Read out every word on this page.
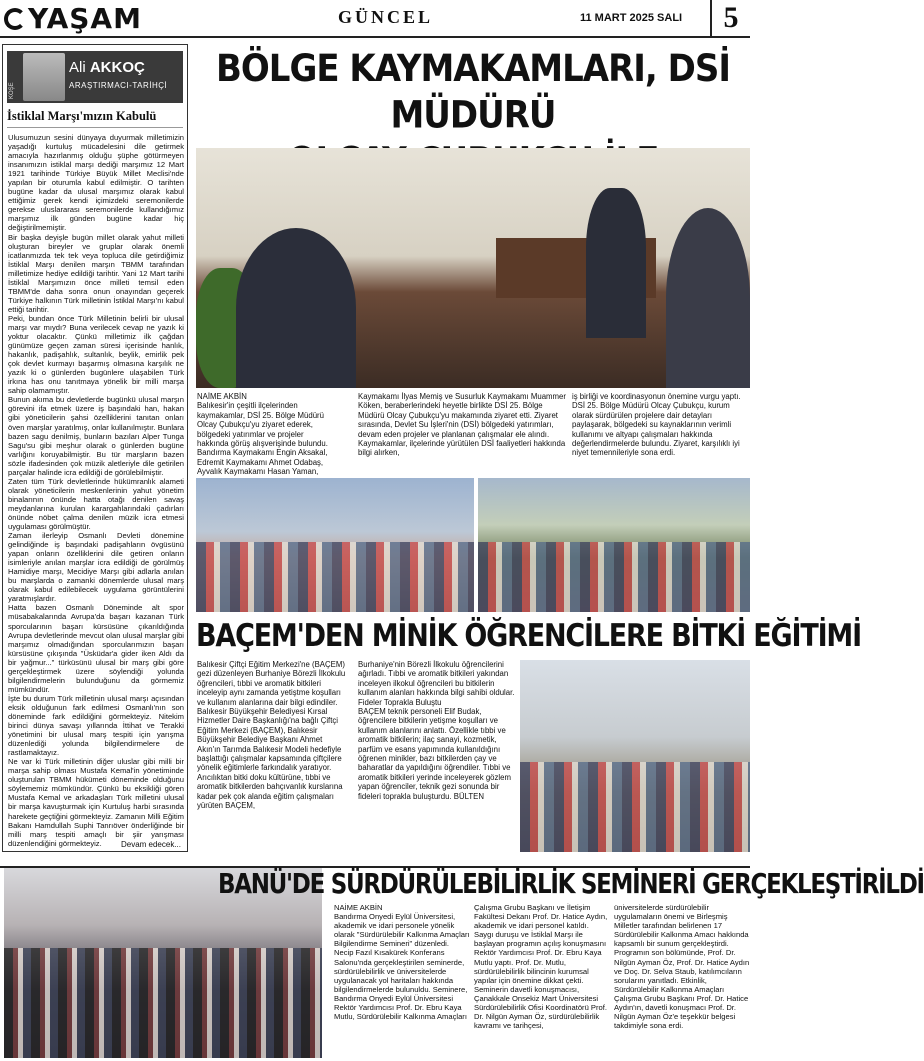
YAŞAM	GÜNCEL	11 MART 2025 SALI	5
KÖŞE
Ali AKKOÇ
ARAŞTIRMACI-TARİHÇİ
İstiklal Marşı'mızın Kabulü
Ulusumuzun sesini dünyaya duyurmak milletimizin yaşadığı kurtuluş mücadelesini dile getirmek amacıyla hazırlanmış olduğu şüphe götürmeyen insanımızın istiklal marşı dediği marşımız 12 Mart 1921 tarihinde Türkiye Büyük Millet Meclisi'nde yapılan bir oturumla kabul edilmiştir. O tarihten bugüne kadar da ulusal marşımız olarak kabul ettiğimiz gerek kendi içimizdeki seremonilerde gerekse uluslararası seremonilerde kullandığımız marşımız ilk günden bugüne kadar hiç değiştirilmemiştir.
Bir başka deyişle bugün millet olarak yahut milleti oluşturan bireyler ve gruplar olarak önemli icatlanmızda tek tek veya topluca dile getirdiğimiz İstiklal Marşı denilen marşın TBMM tarafından milletimize hediye edildiği tarihtir. Yani 12 Mart tarihi İstiklal Marşımızın önce milleti temsil eden TBMM'de daha sonra onun onayından geçerek Türkiye halkının Türk milletinin İstiklal Marşı'nı kabul ettiği tarihtir.
Peki, bundan önce Türk Milletinin belirli bir ulusal marşı var mıydı? Buna verilecek cevap ne yazık ki yoktur olacaktır. Çünkü milletimiz ilk çağdan günümüze geçen zaman süresi içerisinde hanlık, hakanlık, padişahlık, sultanlık, beylik, emirlik pek çok devlet kurmayı başarmış olmasına karşılık ne yazık ki o günlerden bugünlere ulaşabilen Türk irkına has onu tanıtmaya yönelik bir milli marşa sahip olamamıştır.
Bunun akıma bu devletlerde bugünkü ulusal marşın görevini ifa etmek üzere iş başındaki han, hakan gibi yöneticilerin şahsi özelliklerini tanıtan onları öven marşlar yaratılmış, onlar kullanılmıştır. Bunlara bazen sagu denilmiş, bunların bazıları Alper Tunga Sagu'su gibi meşhur olarak o günlerden bugüne varlığını koruyabilmiştir. Bu tür marşların bazen sözle ifadesinden çok müzik aletleriyle dile getirilen parçalar halinde icra edildiği de görülebilmiştir.
Zaten tüm Türk devletlerinde hükümranlık alameti olarak yöneticilerin meskenlerinin yahut yönetim binalarının önünde hatta otağı denilen savaş meydanlarına kurulan karargahlarındaki çadırları önünde nöbet çalma denilen müzik icra etmesi uygulaması görülmüştür.
Zaman ilerleyip Osmanlı Devleti dönemine gelindiğinde iş başındaki padişahların övgüsünü yapan onların özelliklerini dile getiren onların isimleriyle anılan marşlar icra edildiği de görülmüş Hamidiye marşı, Mecidiye Marşı gibi adlarla anılan bu marşlarda o zamanki dönemlerde ulusal marş olarak kabul edilebilecek uygulama görüntülerini yaratmışlardır.
Hatta bazen Osmanlı Döneminde alt spor müsabakalarında Avrupa'da başarı kazanan Türk sporcularının başarı kürsüsüne çıkarıldığında Avrupa devletlerinde mevcut olan ulusal marşlar gibi marşımız olmadığından sporcularımızın başarı kürsüsüne çıkışında "Üsküdar'a gider iken Aldı da bir yağmur..." türküsünü ulusal bir marş gibi göre gerçekleştirmek üzere söylendiği yolunda bilgilendirmelerin bulunduğunu da görmemiz mümkündür.
İşte bu durum Türk milletinin ulusal marşı açısından eksik olduğunun fark edilmesi Osmanlı'nın son döneminde fark edildiğini görmekteyiz. Nitekim birinci dünya savaşı yıllarında İttihat ve Terakki yönetimini bir ulusal marş tespiti için yarışma düzenlediği yolunda bilgilendirmelere de rastlamaktayız.
Ne var ki Türk milletinin diğer uluslar gibi milli bir marşa sahip olması Mustafa Kemal'in yönetiminde oluşturulan TBMM hükümeti döneminde olduğunu söylememiz mümkündür. Çünkü bu eksikliği gören Mustafa Kemal ve arkadaşları Türk milletini ulusal bir marşa kavuşturmak için Kurtuluş harbi sırasında harekete geçtiğini görmekteyiz. Zamanın Milli Eğitim Bakanı Hamdullah Suphi Tanrıöver önderliğinde bir milli marş tespiti amaçlı bir şiir yarışması düzenlendiğini görmekteyiz.	Devam edecek...
BÖLGE KAYMAKAMLARI, DSİ MÜDÜRÜ
NAİME AKBİN
Balıkesir'in çeşitli ilçelerinden kaymakamlar, DSİ 25. Bölge Müdürü Olcay Çubukçu'yu ziyaret ederek, bölgedeki yatırımlar ve projeler hakkında görüş alışverişinde bulundu.
Bandırma Kaymakamı Engin Aksakal, Edremit Kaymakamı Ahmet Odabaş, Ayvalık Kaymakamı Hasan Yaman,
Kaymakamı İlyas Memiş ve Susurluk Kaymakamı Muammer Köken, beraberlerindeki heyetle birlikte DSİ 25. Bölge Müdürü Olcay Çubukçu'yu makamında ziyaret etti. Ziyaret sırasında, Devlet Su İşleri'nin (DSİ) bölgedeki yatırımları, devam eden projeler ve planlanan çalışmalar ele alındı. Kaymakamlar, ilçelerinde yürütülen DSİ faaliyetleri hakkında bilgi alırken,
iş birliği ve koordinasyonun önemine vurgu yaptı.
DSİ 25. Bölge Müdürü Olcay Çubukçu, kurum olarak sürdürülen projelere dair detayları paylaşarak, bölgedeki su kaynaklarının verimli kullanımı ve altyapı çalışmaları hakkında değerlendirmelerde bulundu. Ziyaret, karşılıklı iyi niyet temennileriyle sona erdi.
BAÇEM'DEN MİNİK ÖĞRENCİLERE BİTKİ EĞİTİMİ
Balıkesir Çiftçi Eğitim Merkezi'ne (BAÇEM) gezi düzenleyen Burhaniye Börezli İlkokulu öğrencileri, tıbbi ve aromatik bitkileri inceleyip aynı zamanda yetiştme koşulları ve kullanım alanlarına dair bilgi edindiler.
Balıkesir Büyükşehir Belediyesi Kırsal Hizmetler Daire Başkanlığı'na bağlı Çiftçi Eğitim Merkezi (BAÇEM), Balıkesir Büyükşehir Belediye Başkanı Ahmet Akın'ın Tarımda Balıkesir Modeli hedefiyle başlattığı çalışmalar kapsamında çiftçilere yönelik eğitimlerle farkındalık yaratıyor. Arıcılıktan bitki doku kültürüne, tıbbi ve aromatik bitkilerden bahçıvanlık kurslarına kadar pek çok alanda eğitim çalışmaları yürüten BAÇEM,
Burhaniye'nin Börezli İlkokulu öğrencilerini ağırladı. Tıbbi ve aromatik bitkileri yakından inceleyen ilkokul öğrencileri bu bitkilerin kullanım alanları hakkında bilgi sahibi oldular.
Fideler Toprakla Buluştu
BAÇEM teknik personeli Elif Budak, öğrencilere bitkilerin yetişme koşulları ve kullanım alanlarını anlattı. Özellikle tıbbi ve aromatik bitkilerin; ilaç sanayi, kozmetik, parfüm ve esans yapımında kullanıldığını öğrenen minikler, bazı bitkilerden çay ve baharatlar da yapıldığını öğrendiler. Tıbbi ve aromatik bitkileri yerinde inceleyerek gözlem yapan öğrenciler, teknik gezi sonunda bir fideleri toprakla buluşturdu. BÜLTEN
BANÜ'DE SÜRDÜRÜLEBİLİRLİK SEMİNERİ GERÇEKLEŞTİRİLDİ
NAİME AKBİN
Bandırma Onyedi Eylül Üniversitesi, akademik ve idari personele yönelik olarak "Sürdürülebilir Kalkınma Amaçları Bilgilendirme Semineri" düzenledi. Necip Fazıl Kısakürek Konferans Salonu'nda gerçekleştirilen seminerde, sürdürülebilirlik ve üniversitelerde uygulanacak yol haritaları hakkında bilgilendirmelerde bulunuldu. Seminere, Bandırma Onyedi Eylül Üniversitesi Rektör Yardımcısı Prof. Dr. Ebru Kaya Mutlu, Sürdürülebilir Kalkınma Amaçları
Çalışma Grubu Başkanı ve İletişim Fakültesi Dekanı Prof. Dr. Hatice Aydın, akademik ve idari personel katıldı. Saygı duruşu ve İstiklal Marşı ile başlayan programın açılış konuşmasını Rektör Yardımcısı Prof. Dr. Ebru Kaya Mutlu yaptı. Prof. Dr. Mutlu, sürdürülebilirlik bilincinin kurumsal yapılar için önemine dikkat çekti.
Seminerin davetli konuşmacısı, Çanakkale Onsekiz Mart Üniversitesi Sürdürülebilirlik Ofisi Koordinatörü Prof. Dr. Nilgün Ayman Öz, sürdürülebilirlik kavramı ve tarihçesi,
üniversitelerde sürdürülebilir uygulamaların önemi ve Birleşmiş Milletler tarafından belirlenen 17 Sürdürülebilir Kalkınma Amacı hakkında kapsamlı bir sunum gerçekleştirdi.
Programın son bölümünde, Prof. Dr. Nilgün Ayman Öz, Prof. Dr. Hatice Aydın ve Doç. Dr. Selva Staub, katılımcıların sorularını yanıtladı. Etkinlik, Sürdürülebilir Kalkınma Amaçları Çalışma Grubu Başkanı Prof. Dr. Hatice Aydın'ın, davetli konuşmacı Prof. Dr. Nilgün Ayman Öz'e teşekkür belgesi takdimiyle sona erdi.
